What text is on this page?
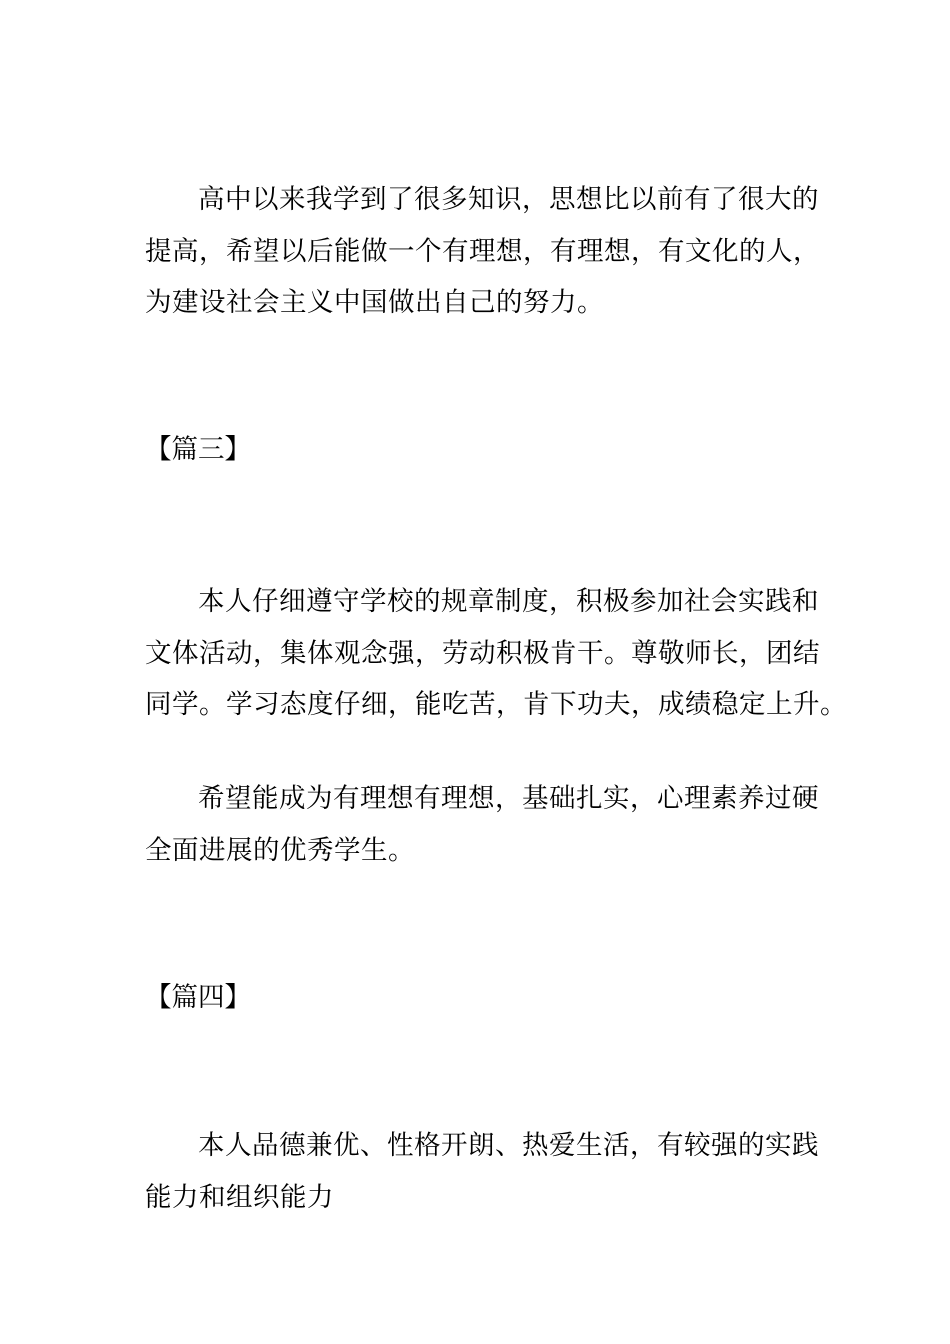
高中以来我学到了很多知识，思想比以前有了很大的
提高，希望以后能做一个有理想，有理想，有文化的人，
为建设社会主义中国做出自己的努力。

【篇三】

本人仔细遵守学校的规章制度，积极参加社会实践和
文体活动，集体观念强，劳动积极肯干。尊敬师长，团结
同学。学习态度仔细，能吃苦，肯下功夫，成绩稳定上升。

希望能成为有理想有理想，基础扎实，心理素养过硬
全面进展的优秀学生。

【篇四】

本人品德兼优、性格开朗、热爱生活，有较强的实践
能力和组织能力
